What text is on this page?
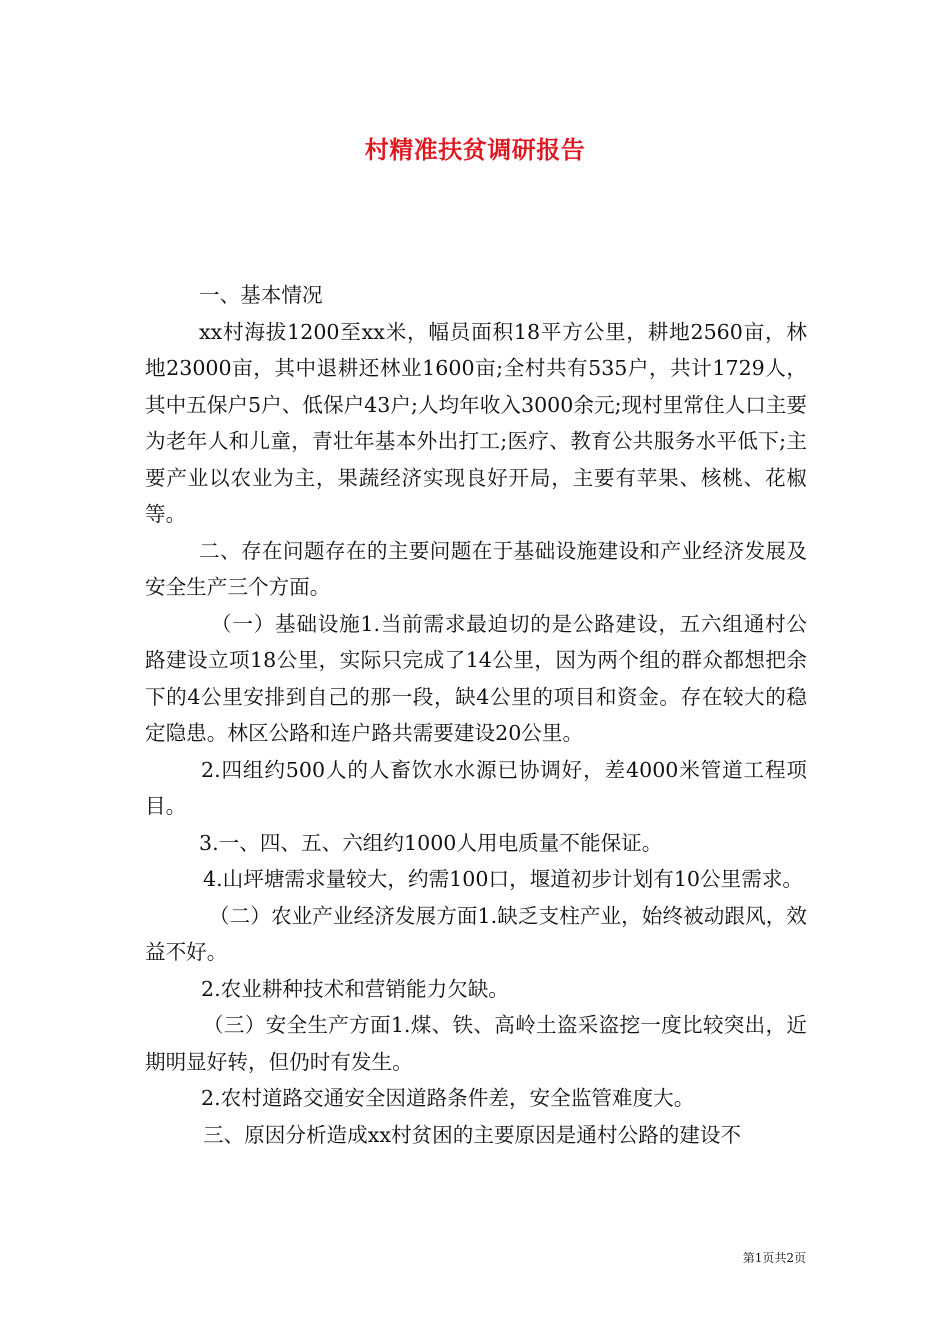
村精准扶贫调研报告

一、基本情况

xx村海拔1200至xx米，幅员面积18平方公里，耕地2560亩，林地23000亩，其中退耕还林业1600亩;全村共有535户，共计1729人，其中五保户5户、低保户43户;人均年收入3000余元;现村里常住人口主要为老年人和儿童，青壮年基本外出打工;医疗、教育公共服务水平低下;主要产业以农业为主，果蔬经济实现良好开局，主要有苹果、核桃、花椒等。

二、存在问题存在的主要问题在于基础设施建设和产业经济发展及安全生产三个方面。

（一）基础设施1.当前需求最迫切的是公路建设，五六组通村公路建设立项18公里，实际只完成了14公里，因为两个组的群众都想把余下的4公里安排到自己的那一段，缺4公里的项目和资金。存在较大的稳定隐患。林区公路和连户路共需要建设20公里。

2.四组约500人的人畜饮水水源已协调好，差4000米管道工程项目。

3.一、四、五、六组约1000人用电质量不能保证。

4.山坪塘需求量较大，约需100口，堰道初步计划有10公里需求。

（二）农业产业经济发展方面1.缺乏支柱产业，始终被动跟风，效益不好。

2.农业耕种技术和营销能力欠缺。

（三）安全生产方面1.煤、铁、高岭土盗采盗挖一度比较突出，近期明显好转，但仍时有发生。

2.农村道路交通安全因道路条件差，安全监管难度大。

三、原因分析造成xx村贫困的主要原因是通村公路的建设不

第1页共2页
